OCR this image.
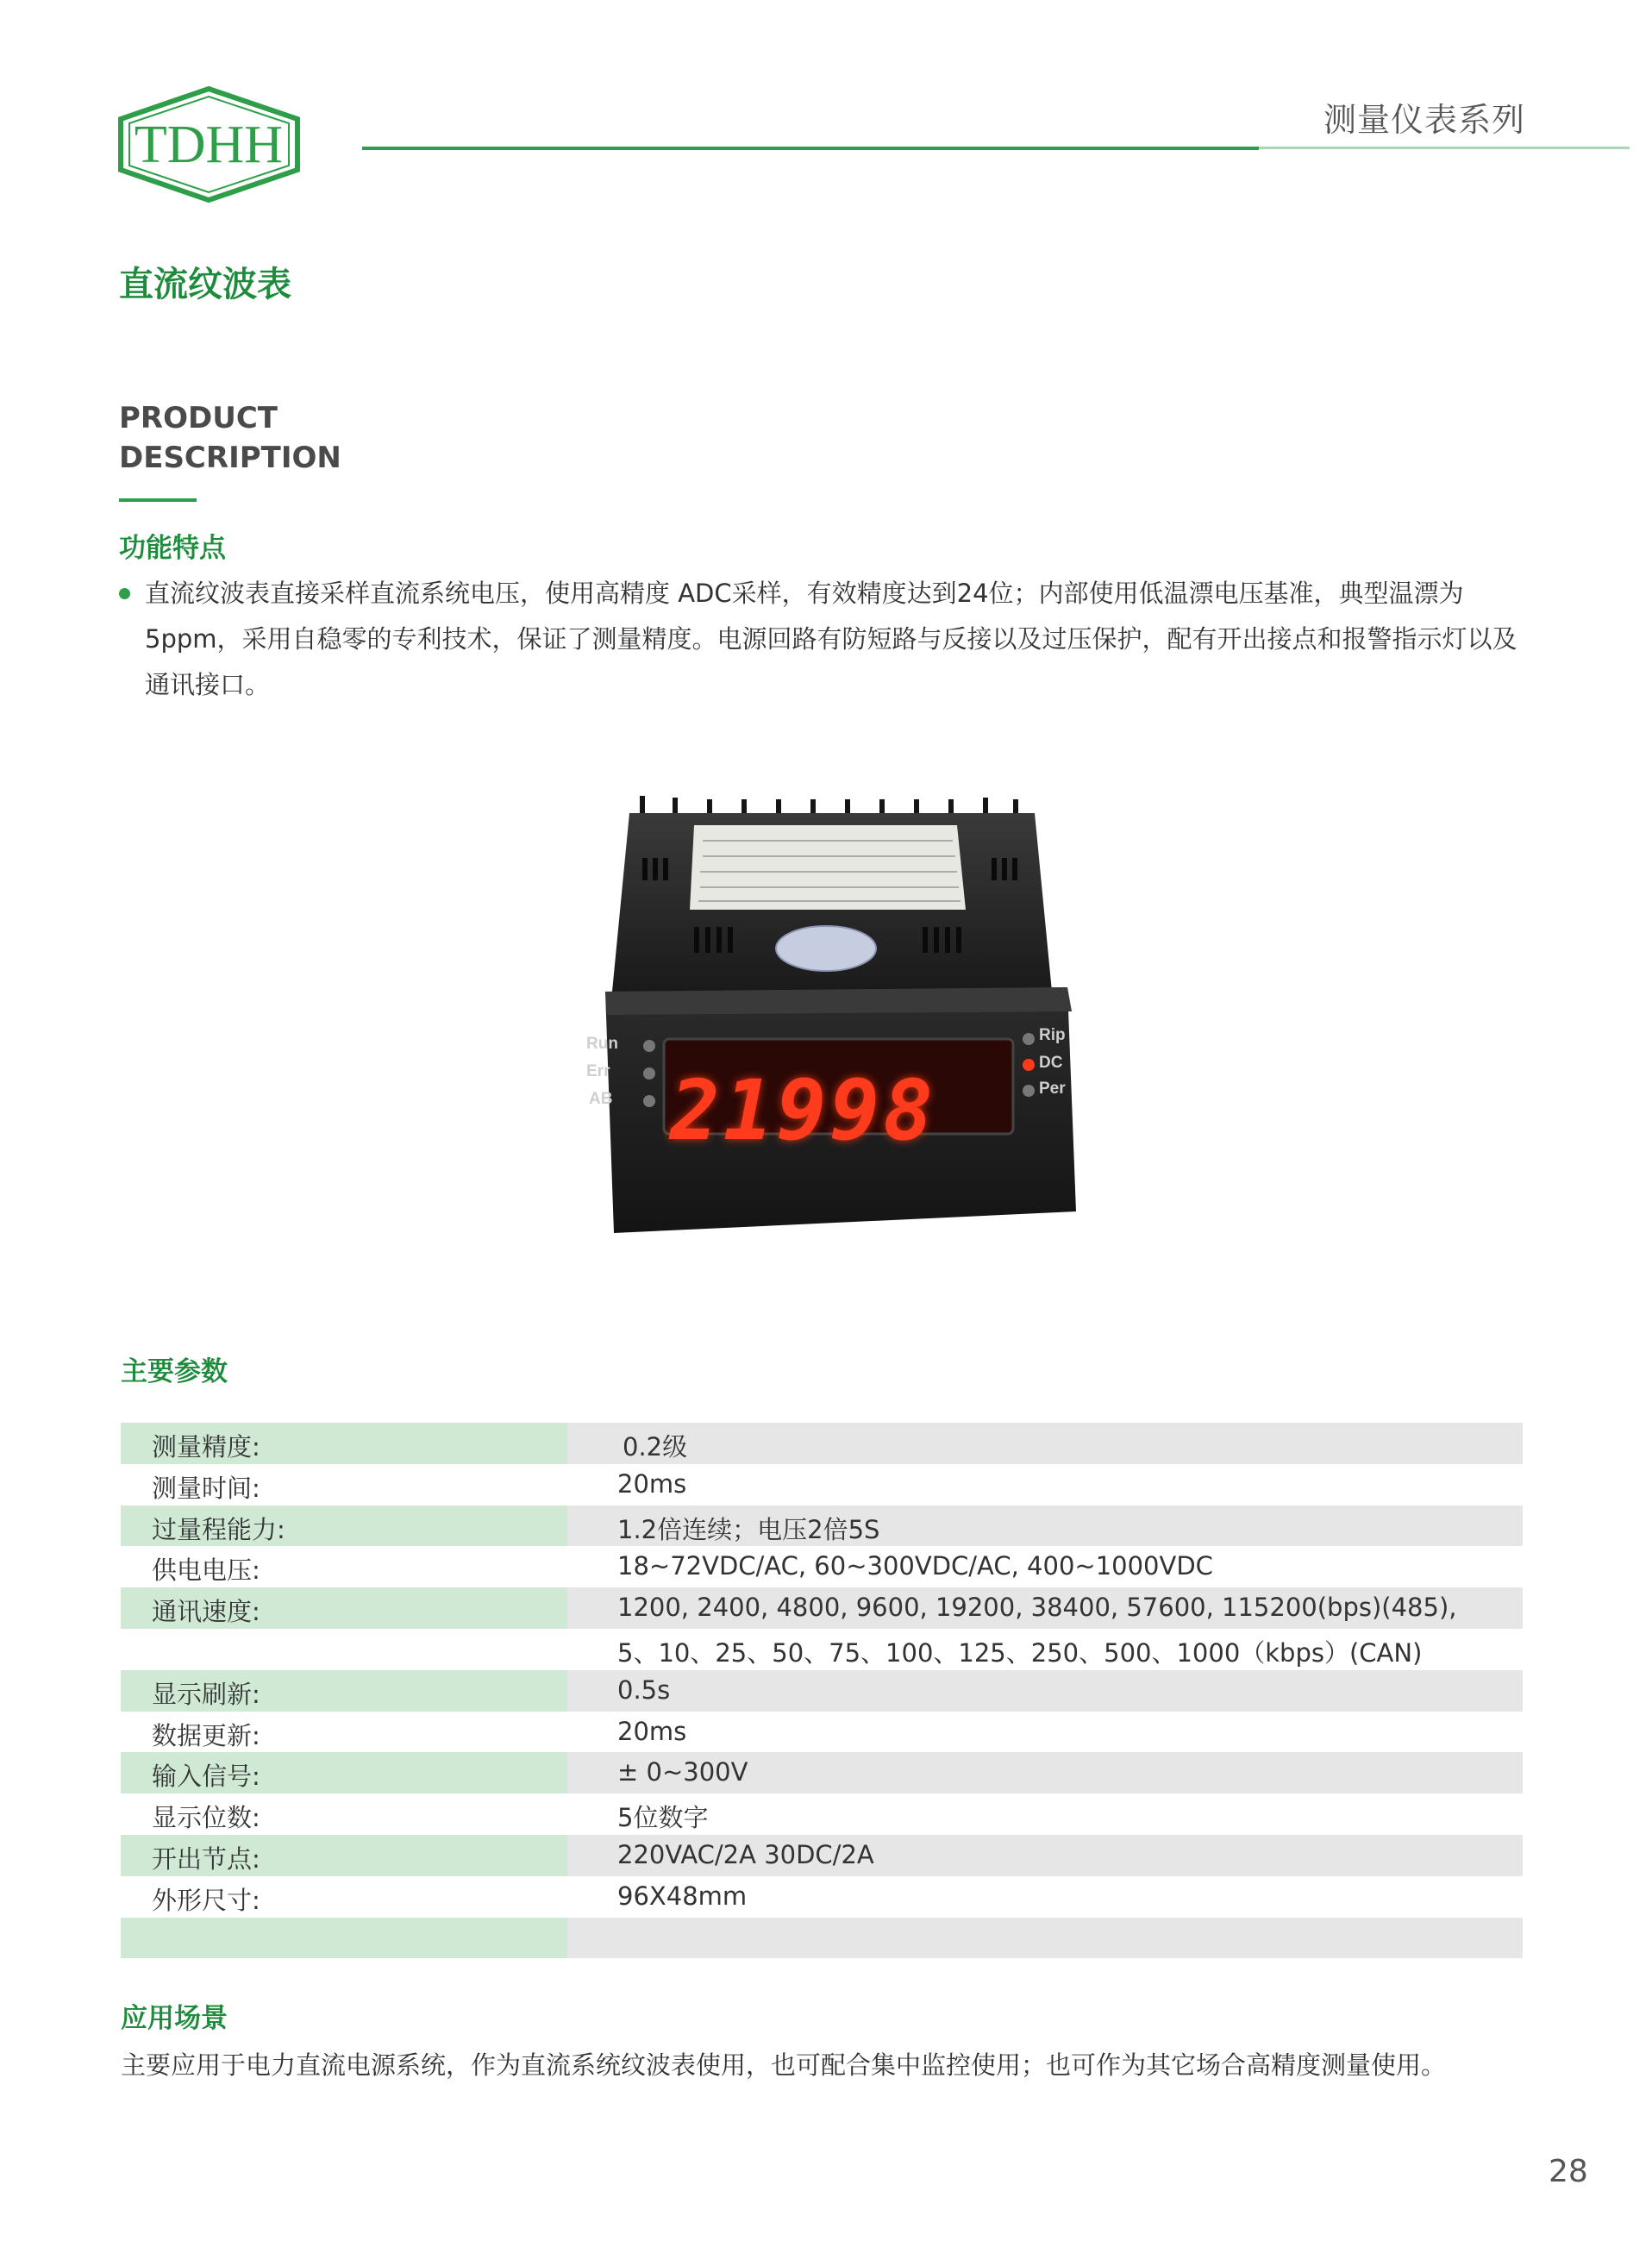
TDHH	测量仪表系列
直流纹波表
PRODUCT
DESCRIPTION
功能特点
直流纹波表直接采样直流系统电压，使用高精度 ADC采样，有效精度达到24位；内部使用低温漂电压基准，典型温漂为5ppm，采用自稳零的专利技术，保证了测量精度。电源回路有防短路与反接以及过压保护，配有开出接点和报警指示灯以及通讯接口。
21998
Run
Err
AB
Rip
DC
Per
主要参数
测量精度:	0.2级
测量时间:	20ms
过量程能力:	1.2倍连续；电压2倍5S
供电电压:	18~72VDC/AC, 60~300VDC/AC, 400~1000VDC
通讯速度:	1200, 2400, 4800, 9600, 19200, 38400, 57600, 115200(bps)(485),
5、10、25、50、75、100、125、250、500、1000（kbps）(CAN)
显示刷新:	0.5s
数据更新:	20ms
输入信号:	± 0~300V
显示位数:	5位数字
开出节点:	220VAC/2A 30DC/2A
外形尺寸:	96X48mm
应用场景
主要应用于电力直流电源系统，作为直流系统纹波表使用，也可配合集中监控使用；也可作为其它场合高精度测量使用。
28
